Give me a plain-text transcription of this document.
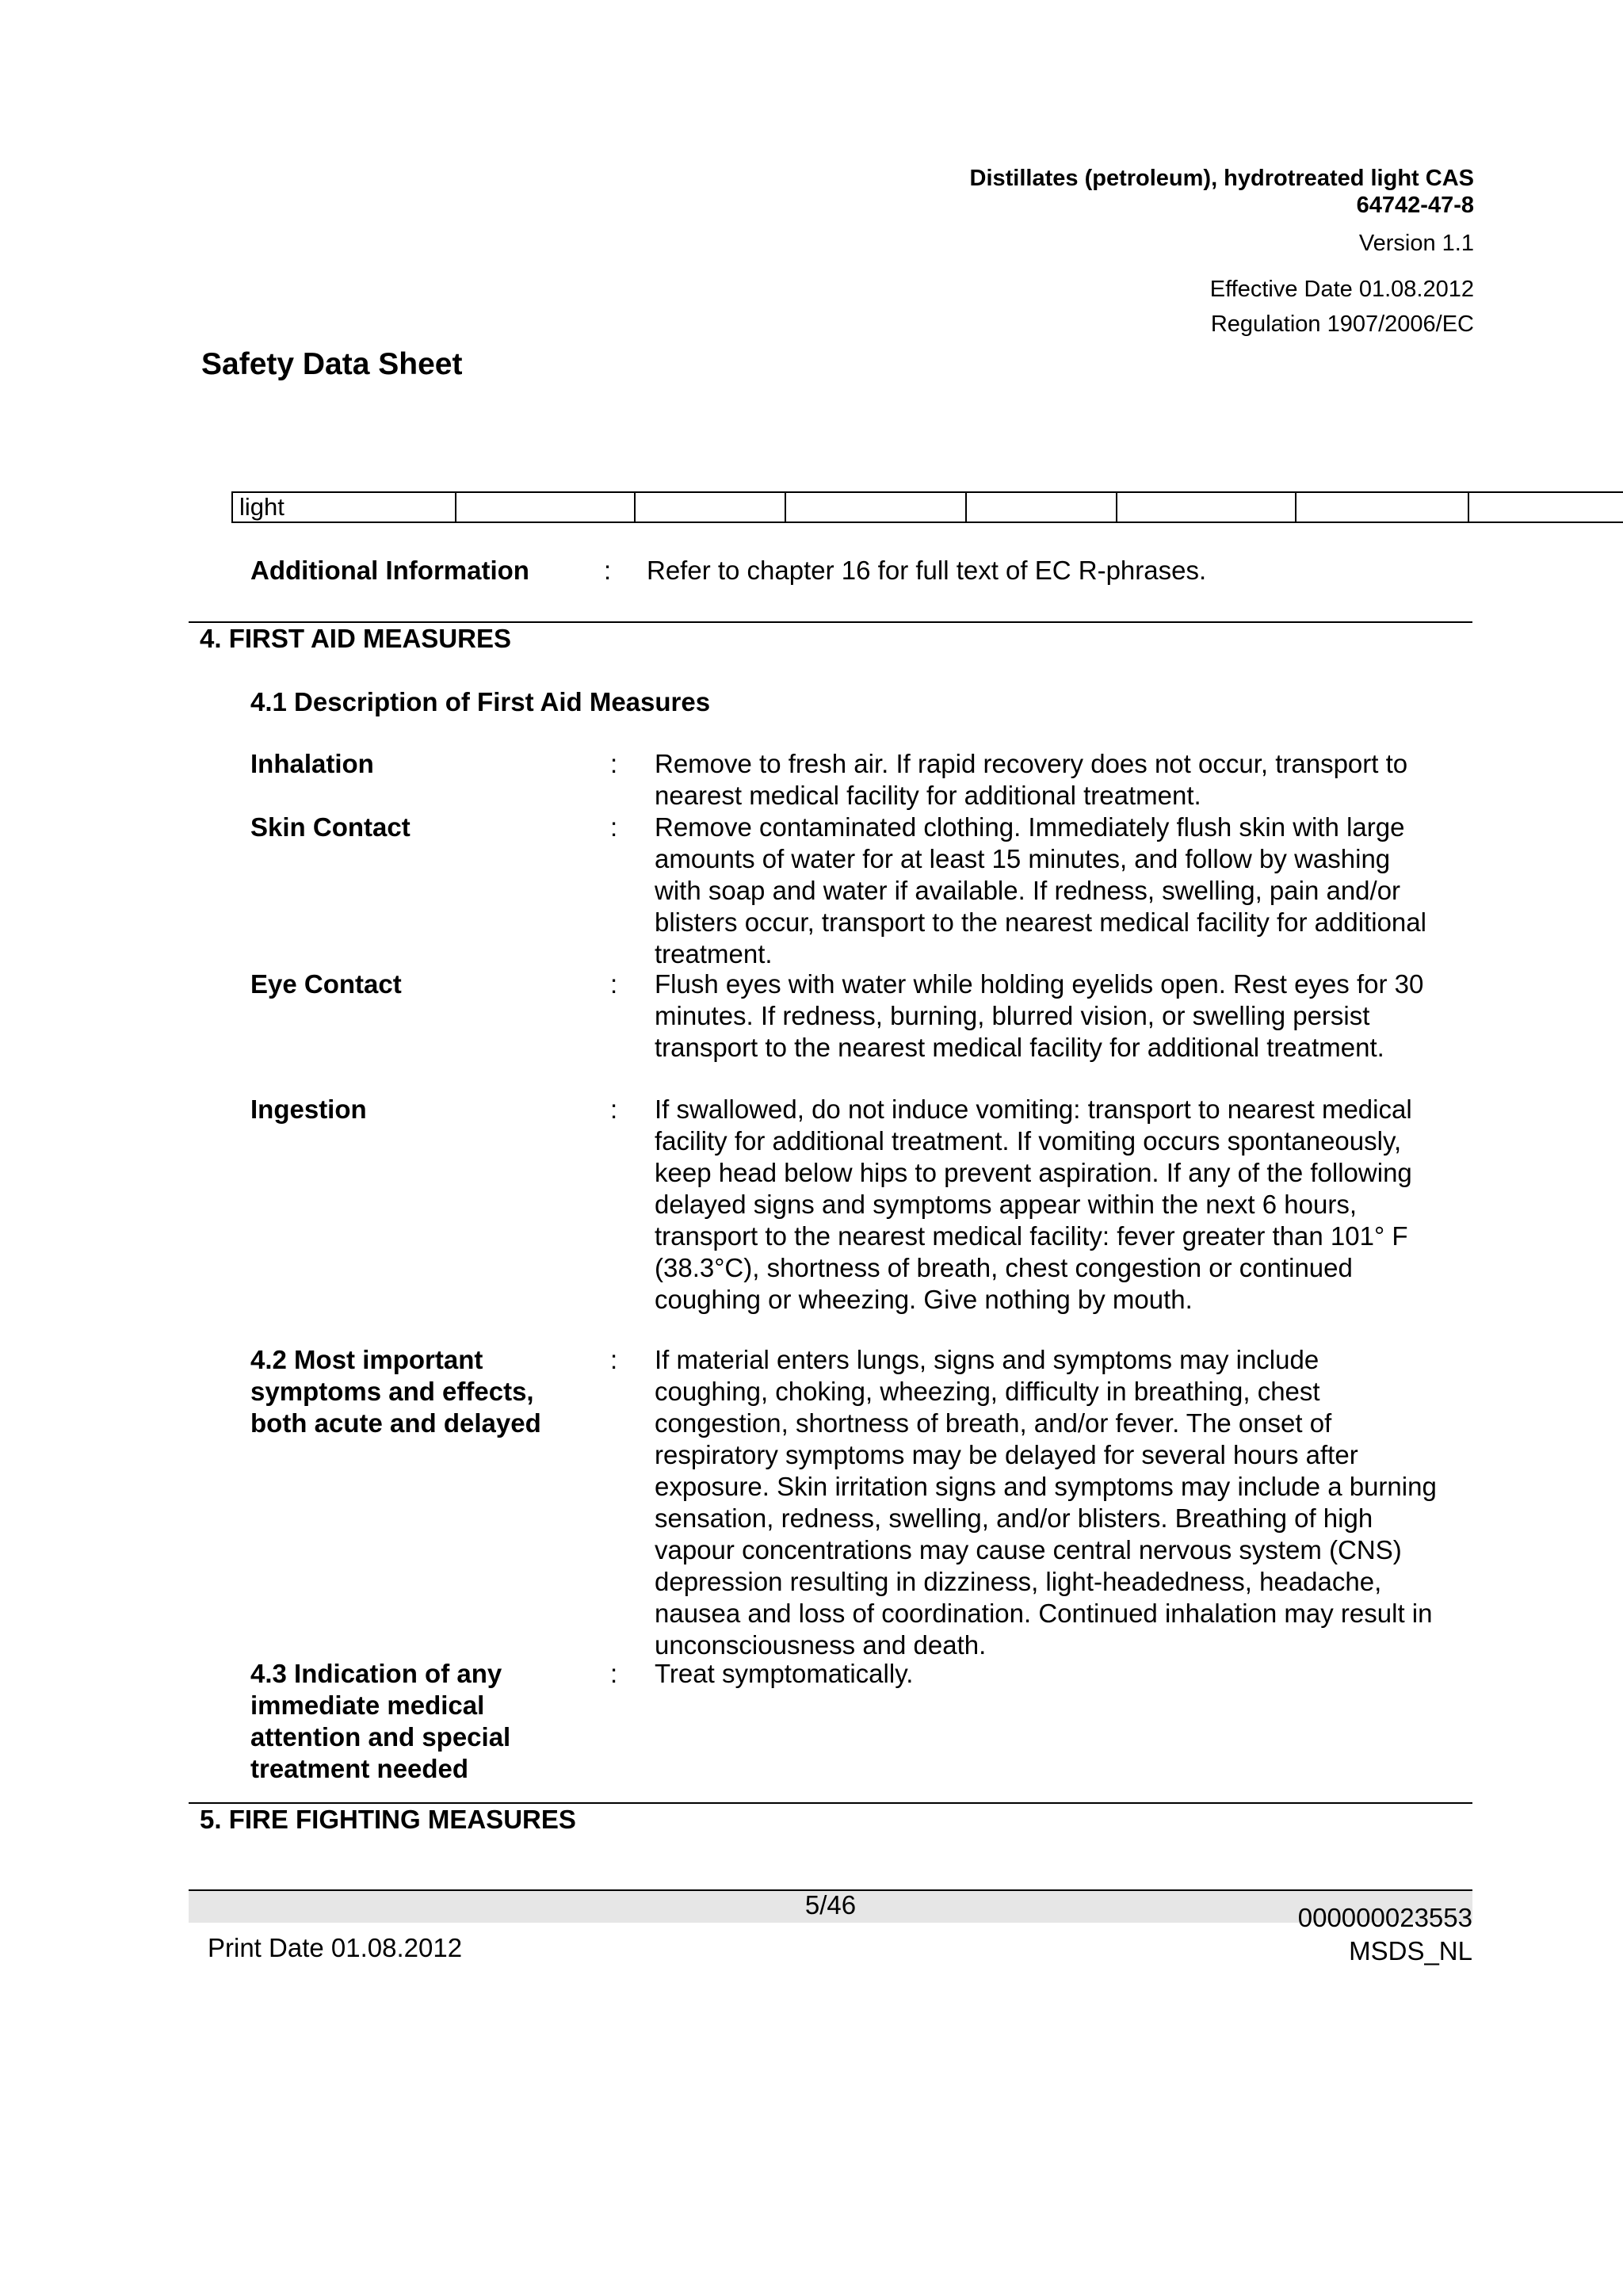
Distillates (petroleum), hydrotreated light CAS
64742-47-8
Version 1.1
Effective Date 01.08.2012
Regulation 1907/2006/EC
Safety Data Sheet
light							
Additional Information	: Refer to chapter 16 for full text of EC R-phrases.
4. FIRST AID MEASURES
4.1 Description of First Aid Measures
Inhalation	: Remove to fresh air. If rapid recovery does not occur, transport to nearest medical facility for additional treatment.
Skin Contact	: Remove contaminated clothing. Immediately flush skin with large amounts of water for at least 15 minutes, and follow by washing with soap and water if available. If redness, swelling, pain and/or blisters occur, transport to the nearest medical facility for additional treatment.
Eye Contact	: Flush eyes with water while holding eyelids open. Rest eyes for 30 minutes. If redness, burning, blurred vision, or swelling persist transport to the nearest medical facility for additional treatment.
Ingestion	: If swallowed, do not induce vomiting: transport to nearest medical facility for additional treatment. If vomiting occurs spontaneously, keep head below hips to prevent aspiration. If any of the following delayed signs and symptoms appear within the next 6 hours, transport to the nearest medical facility: fever greater than 101° F (38.3°C), shortness of breath, chest congestion or continued coughing or wheezing. Give nothing by mouth.
4.2 Most important symptoms and effects, both acute and delayed
: If material enters lungs, signs and symptoms may include coughing, choking, wheezing, difficulty in breathing, chest congestion, shortness of breath, and/or fever. The onset of respiratory symptoms may be delayed for several hours after exposure. Skin irritation signs and symptoms may include a burning sensation, redness, swelling, and/or blisters. Breathing of high vapour concentrations may cause central nervous system (CNS) depression resulting in dizziness, light-headedness, headache, nausea and loss of coordination. Continued inhalation may result in unconsciousness and death.
4.3 Indication of any immediate medical attention and special treatment needed
: Treat symptomatically.
5. FIRE FIGHTING MEASURES
5/46
Print Date 01.08.2012
000000023553
MSDS_NL
